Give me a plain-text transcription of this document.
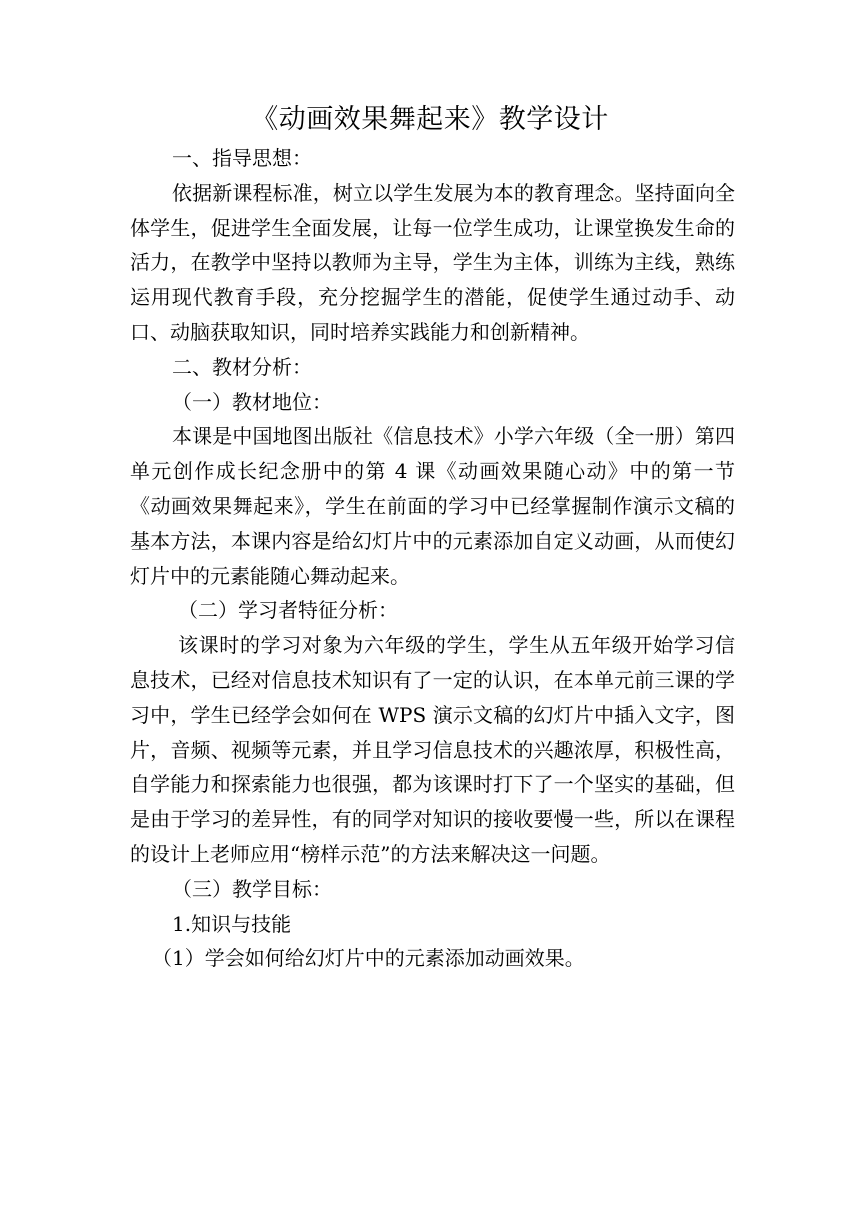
《动画效果舞起来》教学设计

一、指导思想：

依据新课程标准，树立以学生发展为本的教育理念。坚持面向全体学生，促进学生全面发展，让每一位学生成功，让课堂换发生命的活力，在教学中坚持以教师为主导，学生为主体，训练为主线，熟练运用现代教育手段，充分挖掘学生的潜能，促使学生通过动手、动口、动脑获取知识，同时培养实践能力和创新精神。

二、教材分析：

（一）教材地位：

本课是中国地图出版社《信息技术》小学六年级（全一册）第四单元创作成长纪念册中的第 4 课《动画效果随心动》中的第一节《动画效果舞起来》，学生在前面的学习中已经掌握制作演示文稿的基本方法，本课内容是给幻灯片中的元素添加自定义动画，从而使幻灯片中的元素能随心舞动起来。

（二）学习者特征分析：

该课时的学习对象为六年级的学生，学生从五年级开始学习信息技术，已经对信息技术知识有了一定的认识，在本单元前三课的学习中，学生已经学会如何在 WPS 演示文稿的幻灯片中插入文字，图片，音频、视频等元素，并且学习信息技术的兴趣浓厚，积极性高，自学能力和探索能力也很强，都为该课时打下了一个坚实的基础，但是由于学习的差异性，有的同学对知识的接收要慢一些，所以在课程的设计上老师应用“榜样示范”的方法来解决这一问题。

（三）教学目标：

1.知识与技能

（1）学会如何给幻灯片中的元素添加动画效果。
